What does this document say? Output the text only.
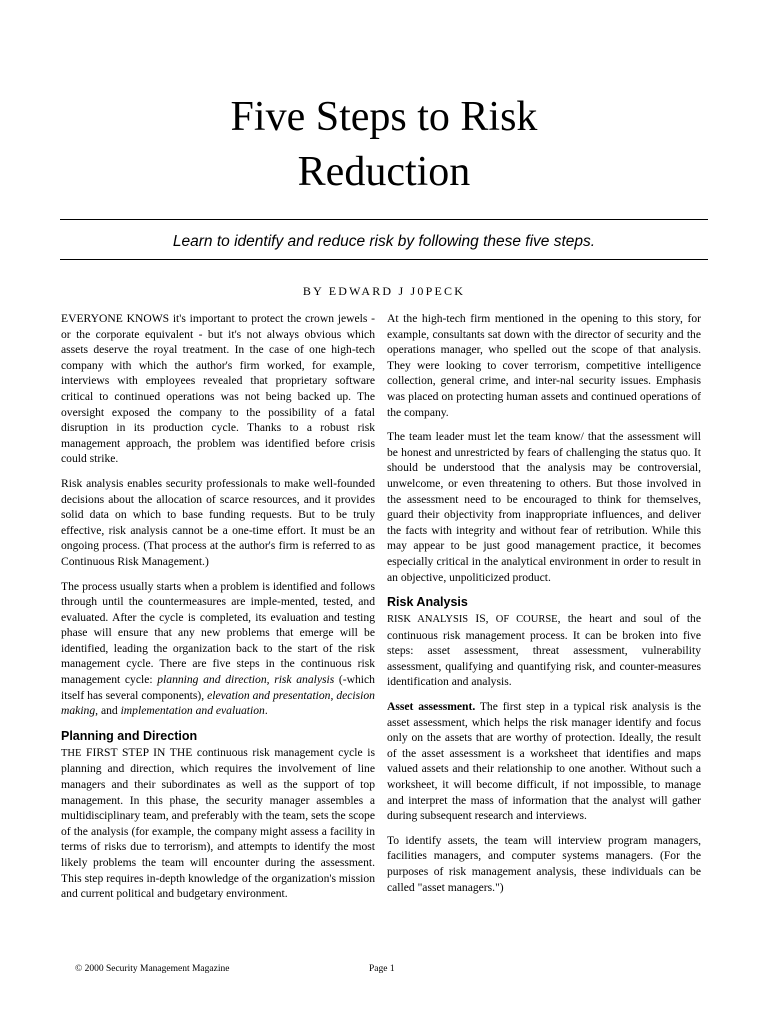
Five Steps to Risk
Reduction
Learn to identify and reduce risk by following these five steps.
BY EDWARD J J0PECK

EVERYONE KNOWS it's important to protect the crown jewels - or the corporate equivalent - but it's not always obvious which assets deserve the royal treatment. In the case of one high-tech company with which the author's firm worked, for example, interviews with employees revealed that proprietary software critical to continued operations was not being backed up. The oversight exposed the company to the possibility of a fatal disruption in its production cycle. Thanks to a robust risk management approach, the problem was identified before crisis could strike.

Risk analysis enables security professionals to make well-founded decisions about the allocation of scarce resources, and it provides solid data on which to base funding requests. But to be truly effective, risk analysis cannot be a one-time effort. It must be an ongoing process. (That process at the author's firm is referred to as Continuous Risk Management.)

The process usually starts when a problem is identified and follows through until the countermeasures are imple-mented, tested, and evaluated. After the cycle is completed, its evaluation and testing phase will ensure that any new problems that emerge will be identified, leading the organization back to the start of the risk management cycle. There are five steps in the continuous risk management cycle: planning and direction, risk analysis (-which itself has several components), elevation and presentation, decision making, and implementation and evaluation.

Planning and Direction

THE FIRST STEP IN THE continuous risk management cycle is planning and direction, which requires the involvement of line managers and their subordinates as well as the support of top management. In this phase, the security manager assembles a multidisciplinary team, and preferably with the team, sets the scope of the analysis (for example, the company might assess a facility in terms of risks due to terrorism), and attempts to identify the most likely problems the team will encounter during the assessment. This step requires in-depth knowledge of the organization's mission and current political and budgetary environment.

At the high-tech firm mentioned in the opening to this story, for example, consultants sat down with the director of security and the operations manager, who spelled out the scope of that analysis. They were looking to cover terrorism, competitive intelligence collection, general crime, and inter-nal security issues. Emphasis was placed on protecting human assets and continued operations of the company.

The team leader must let the team know/ that the assessment will be honest and unrestricted by fears of challenging the status quo. It should be understood that the analysis may be controversial, unwelcome, or even threatening to others. But those involved in the assessment need to be encouraged to think for themselves, guard their objectivity from inappropriate influences, and deliver the facts with integrity and without fear of retribution. While this may appear to be just good management practice, it becomes especially critical in the analytical environment in order to result in an objective, unpoliticized product.

Risk Analysis

RISK ANALYSIS IS, OF COURSE, the heart and soul of the continuous risk management process. It can be broken into five steps: asset assessment, threat assessment, vulnerability assessment, qualifying and quantifying risk, and counter-measures identification and analysis.

Asset assessment. The first step in a typical risk analysis is the asset assessment, which helps the risk manager identify and focus only on the assets that are worthy of protection. Ideally, the result of the asset assessment is a worksheet that identifies and maps valued assets and their relationship to one another. Without such a worksheet, it will become difficult, if not impossible, to manage and interpret the mass of information that the analyst will gather during subsequent research and interviews.

To identify assets, the team will interview program managers, facilities managers, and computer systems managers. (For the purposes of risk management analysis, these individuals can be called "asset managers.")

© 2000 Security Management Magazine	Page 1
